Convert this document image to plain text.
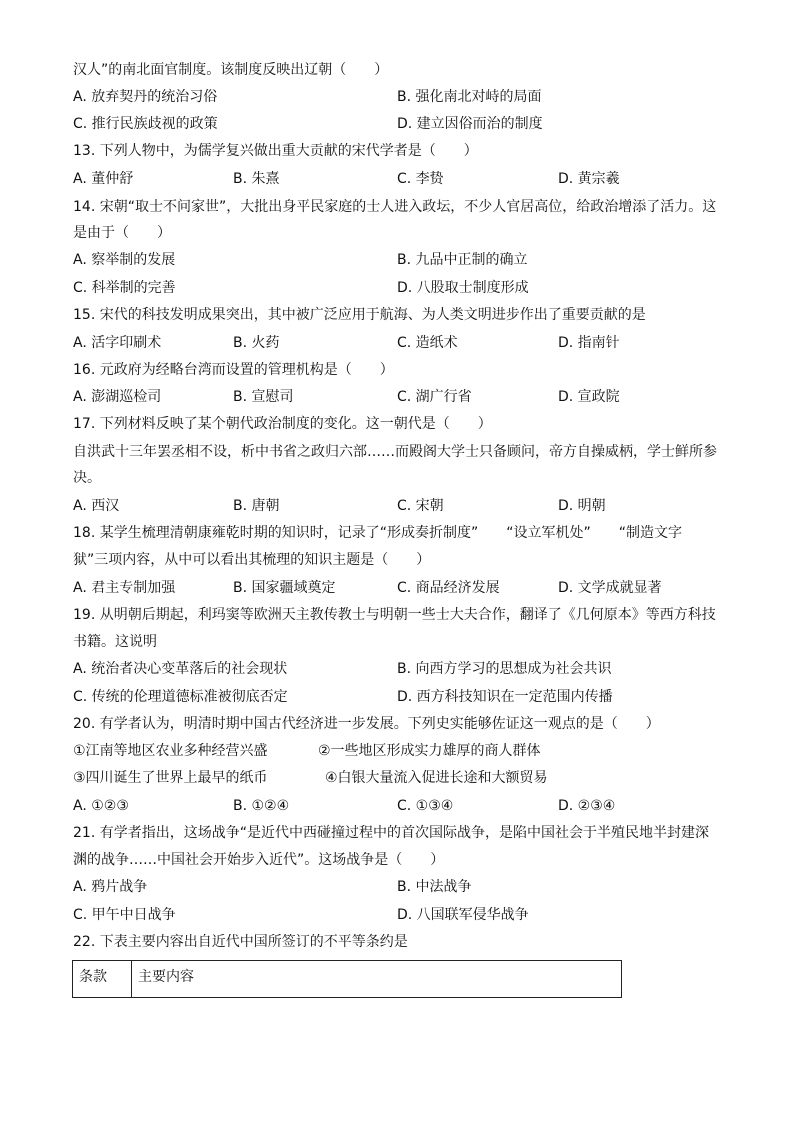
汉人”的南北面官制度。该制度反映出辽朝（　　）
A. 放弃契丹的统治习俗	B. 强化南北对峙的局面
C. 推行民族歧视的政策	D. 建立因俗而治的制度
13. 下列人物中，为儒学复兴做出重大贡献的宋代学者是（　　）
A. 董仲舒	B. 朱熹	C. 李贽	D. 黄宗羲
14. 宋朝“取士不问家世”，大批出身平民家庭的士人进入政坛，不少人官居高位，给政治增添了活力。这
是由于（　　）
A. 察举制的发展	B. 九品中正制的确立
C. 科举制的完善	D. 八股取士制度形成
15. 宋代的科技发明成果突出，其中被广泛应用于航海、为人类文明进步作出了重要贡献的是
A. 活字印刷术	B. 火药	C. 造纸术	D. 指南针
16. 元政府为经略台湾而设置的管理机构是（　　）
A. 澎湖巡检司	B. 宣慰司	C. 湖广行省	D. 宣政院
17. 下列材料反映了某个朝代政治制度的变化。这一朝代是（　　）
自洪武十三年罢丞相不设，析中书省之政归六部……而殿阁大学士只备顾问，帝方自操威柄，学士鲜所参
决。
A. 西汉	B. 唐朝	C. 宋朝	D. 明朝
18. 某学生梳理清朝康雍乾时期的知识时，记录了“形成奏折制度”　　“设立军机处”　　“制造文字
狱”三项内容，从中可以看出其梳理的知识主题是（　　）
A. 君主专制加强	B. 国家疆域奠定	C. 商品经济发展	D. 文学成就显著
19. 从明朝后期起，利玛窦等欧洲天主教传教士与明朝一些士大夫合作，翻译了《几何原本》等西方科技
书籍。这说明
A. 统治者决心变革落后的社会现状	B. 向西方学习的思想成为社会共识
C. 传统的伦理道德标准被彻底否定	D. 西方科技知识在一定范围内传播
20. 有学者认为，明清时期中国古代经济进一步发展。下列史实能够佐证这一观点的是（　　）
①江南等地区农业多种经营兴盛	②一些地区形成实力雄厚的商人群体
③四川诞生了世界上最早的纸币	④白银大量流入促进长途和大额贸易
A. ①②③	B. ①②④	C. ①③④	D. ②③④
21. 有学者指出，这场战争“是近代中西碰撞过程中的首次国际战争，是陷中国社会于半殖民地半封建深
渊的战争……中国社会开始步入近代”。这场战争是（　　）
A. 鸦片战争	B. 中法战争
C. 甲午中日战争	D. 八国联军侵华战争
22. 下表主要内容出自近代中国所签订的不平等条约是
条款	主要内容
